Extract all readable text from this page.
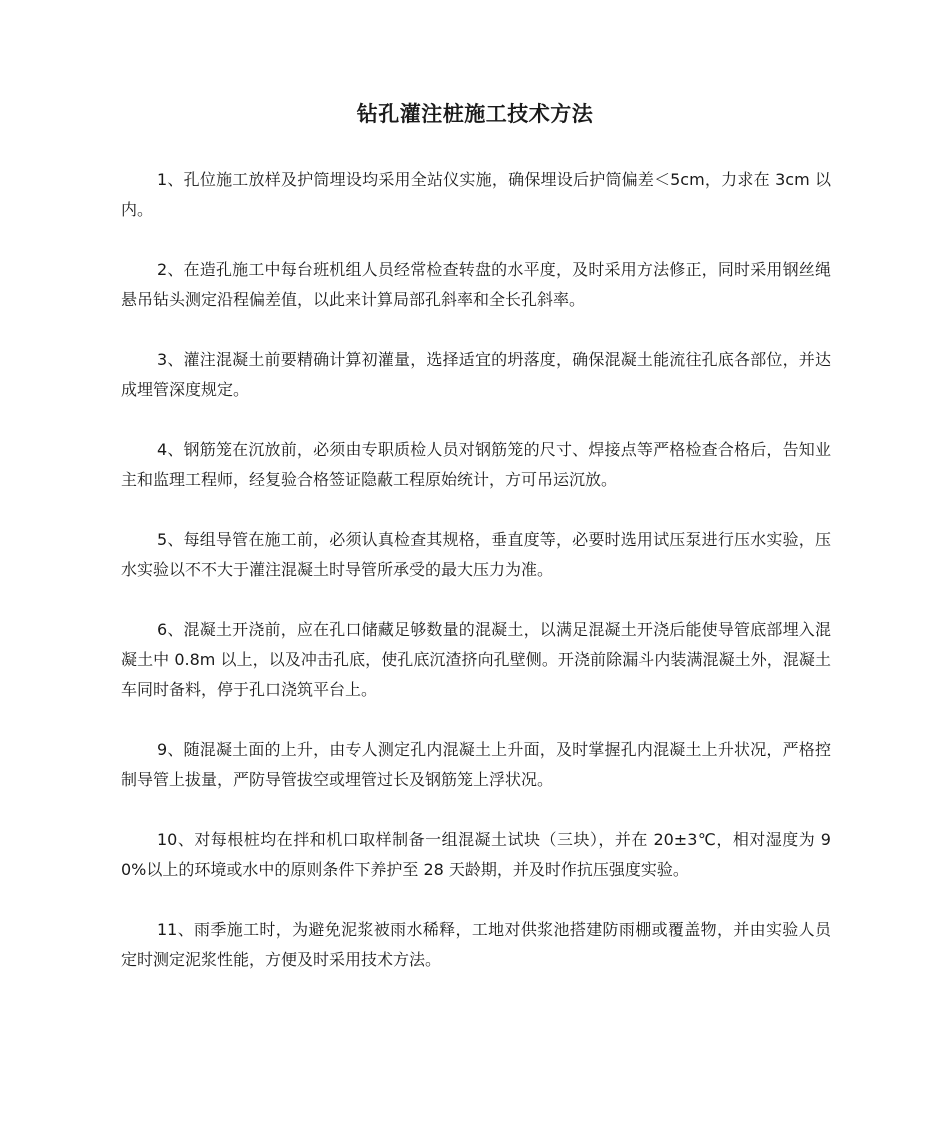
钻孔灌注桩施工技术方法

1、孔位施工放样及护筒埋设均采用全站仪实施，确保埋设后护筒偏差＜5cm，力求在 3cm 以内。

2、在造孔施工中每台班机组人员经常检查转盘的水平度，及时采用方法修正，同时采用钢丝绳悬吊钻头测定沿程偏差值，以此来计算局部孔斜率和全长孔斜率。

3、灌注混凝土前要精确计算初灌量，选择适宜的坍落度，确保混凝土能流往孔底各部位，并达成埋管深度规定。

4、钢筋笼在沉放前，必须由专职质检人员对钢筋笼的尺寸、焊接点等严格检查合格后，告知业主和监理工程师，经复验合格签证隐蔽工程原始统计，方可吊运沉放。

5、每组导管在施工前，必须认真检查其规格，垂直度等，必要时选用试压泵进行压水实验，压水实验以不不大于灌注混凝土时导管所承受的最大压力为准。

6、混凝土开浇前，应在孔口储藏足够数量的混凝土，以满足混凝土开浇后能使导管底部埋入混凝土中 0.8m 以上，以及冲击孔底，使孔底沉渣挤向孔壁侧。开浇前除漏斗内装满混凝土外，混凝土车同时备料，停于孔口浇筑平台上。

9、随混凝土面的上升，由专人测定孔内混凝土上升面，及时掌握孔内混凝土上升状况，严格控制导管上拔量，严防导管拔空或埋管过长及钢筋笼上浮状况。

10、对每根桩均在拌和机口取样制备一组混凝土试块（三块），并在 20±3℃，相对湿度为 90%以上的环境或水中的原则条件下养护至 28 天龄期，并及时作抗压强度实验。

11、雨季施工时，为避免泥浆被雨水稀释，工地对供浆池搭建防雨棚或覆盖物，并由实验人员定时测定泥浆性能，方便及时采用技术方法。
